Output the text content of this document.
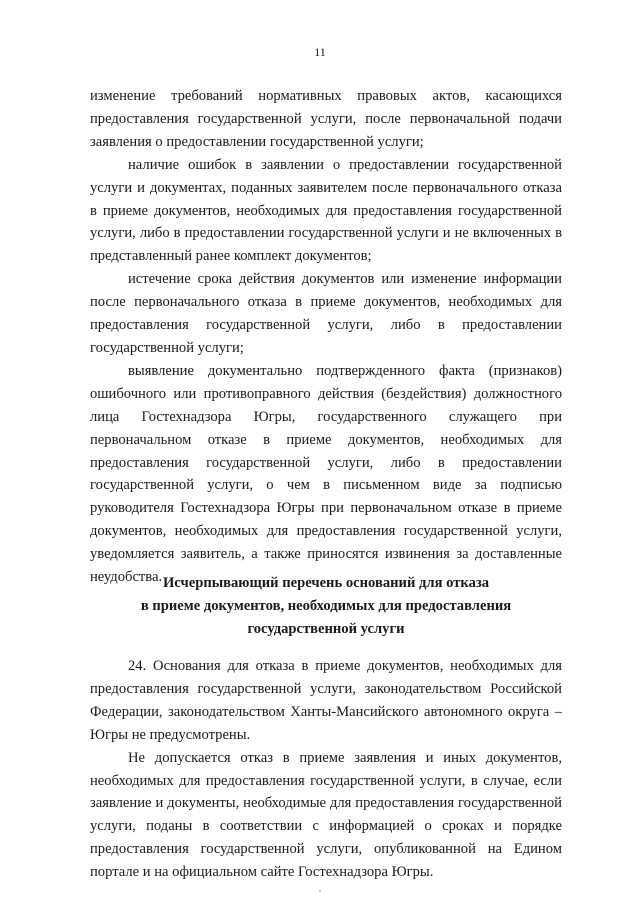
11

изменение требований нормативных правовых актов, касающихся предоставления государственной услуги, после первоначальной подачи заявления о предоставлении государственной услуги;

наличие ошибок в заявлении о предоставлении государственной услуги и документах, поданных заявителем после первоначального отказа в приеме документов, необходимых для предоставления государственной услуги, либо в предоставлении государственной услуги и не включенных в представленный ранее комплект документов;

истечение срока действия документов или изменение информации после первоначального отказа в приеме документов, необходимых для предоставления государственной услуги, либо в предоставлении государственной услуги;

выявление документально подтвержденного факта (признаков) ошибочного или противоправного действия (бездействия) должностного лица Гостехнадзора Югры, государственного служащего при первоначальном отказе в приеме документов, необходимых для предоставления государственной услуги, либо в предоставлении государственной услуги, о чем в письменном виде за подписью руководителя Гостехнадзора Югры при первоначальном отказе в приеме документов, необходимых для предоставления государственной услуги, уведомляется заявитель, а также приносятся извинения за доставленные неудобства. Исчерпывающий перечень оснований для отказа
в приеме документов, необходимых для предоставления
государственной услуги

24. Основания для отказа в приеме документов, необходимых для предоставления государственной услуги, законодательством Российской Федерации, законодательством Ханты-Мансийского автономного округа – Югры не предусмотрены.

Не допускается отказ в приеме заявления и иных документов, необходимых для предоставления государственной услуги, в случае, если заявление и документы, необходимые для предоставления государственной услуги, поданы в соответствии с информацией о сроках и порядке предоставления государственной услуги, опубликованной на Едином портале и на официальном сайте Гостехнадзора Югры.
